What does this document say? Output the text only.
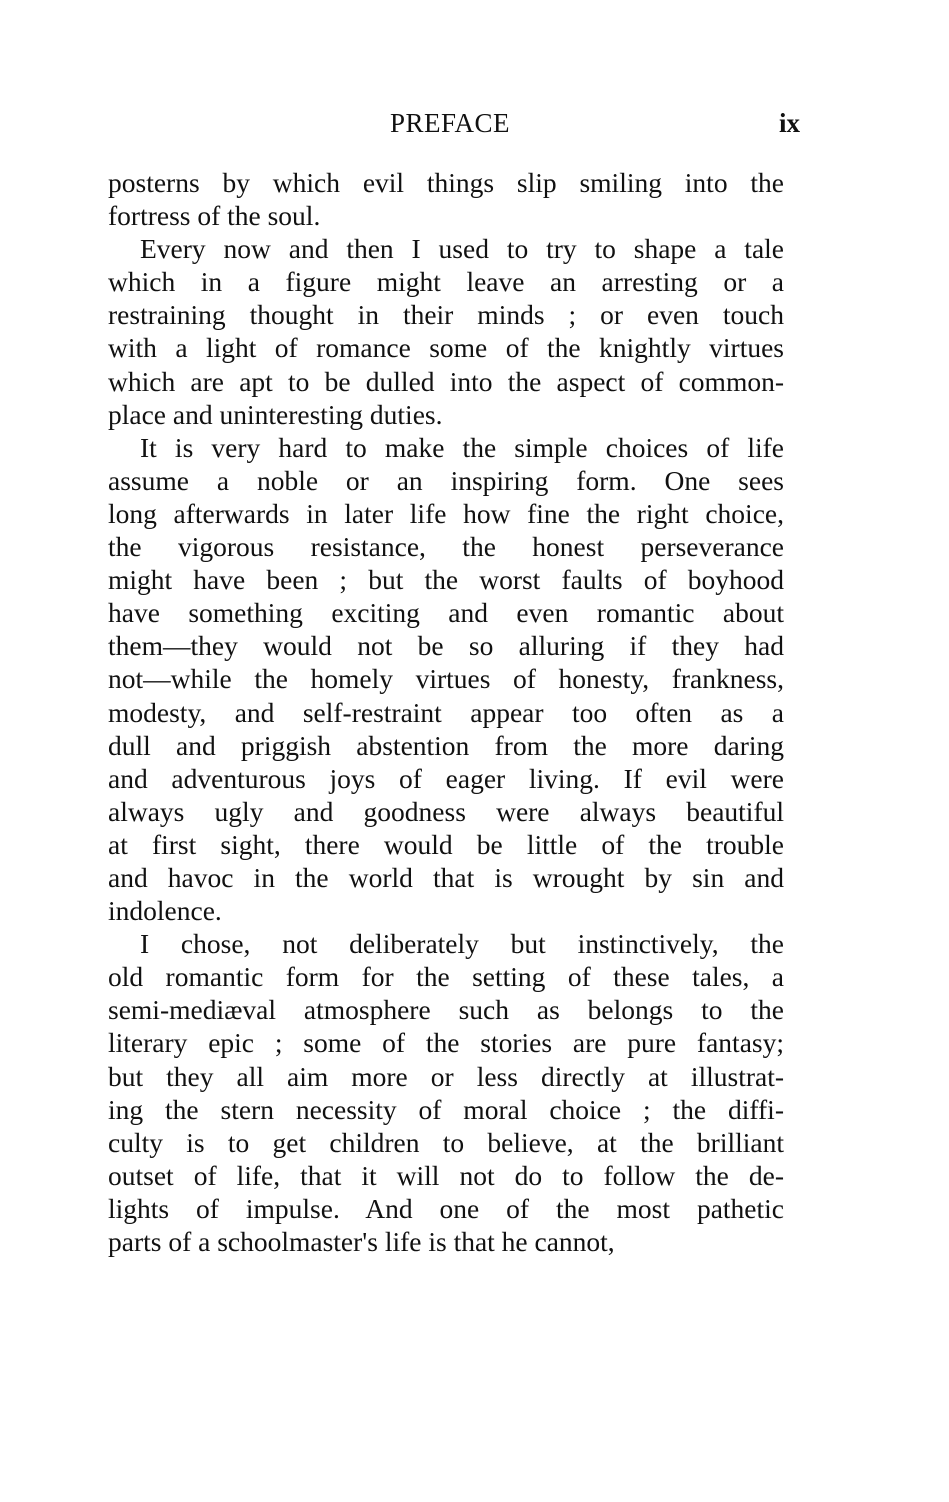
PREFACE	ix
posterns by which evil things slip smiling into the
fortress of the soul.
Every now and then I used to try to shape a tale
which in a figure might leave an arresting or a
restraining thought in their minds ; or even touch
with a light of romance some of the knightly virtues
which are apt to be dulled into the aspect of common-
place and uninteresting duties.
It is very hard to make the simple choices of life
assume a noble or an inspiring form. One sees
long afterwards in later life how fine the right choice,
the vigorous resistance, the honest perseverance
might have been ; but the worst faults of boyhood
have something exciting and even romantic about
them—they would not be so alluring if they had
not—while the homely virtues of honesty, frankness,
modesty, and self-restraint appear too often as a
dull and priggish abstention from the more daring
and adventurous joys of eager living. If evil were
always ugly and goodness were always beautiful
at first sight, there would be little of the trouble
and havoc in the world that is wrought by sin and
indolence.
I chose, not deliberately but instinctively, the
old romantic form for the setting of these tales, a
semi-mediæval atmosphere such as belongs to the
literary epic ; some of the stories are pure fantasy;
but they all aim more or less directly at illustrat-
ing the stern necessity of moral choice ; the diffi-
culty is to get children to believe, at the brilliant
outset of life, that it will not do to follow the de-
lights of impulse. And one of the most pathetic
parts of a schoolmaster's life is that he cannot,
